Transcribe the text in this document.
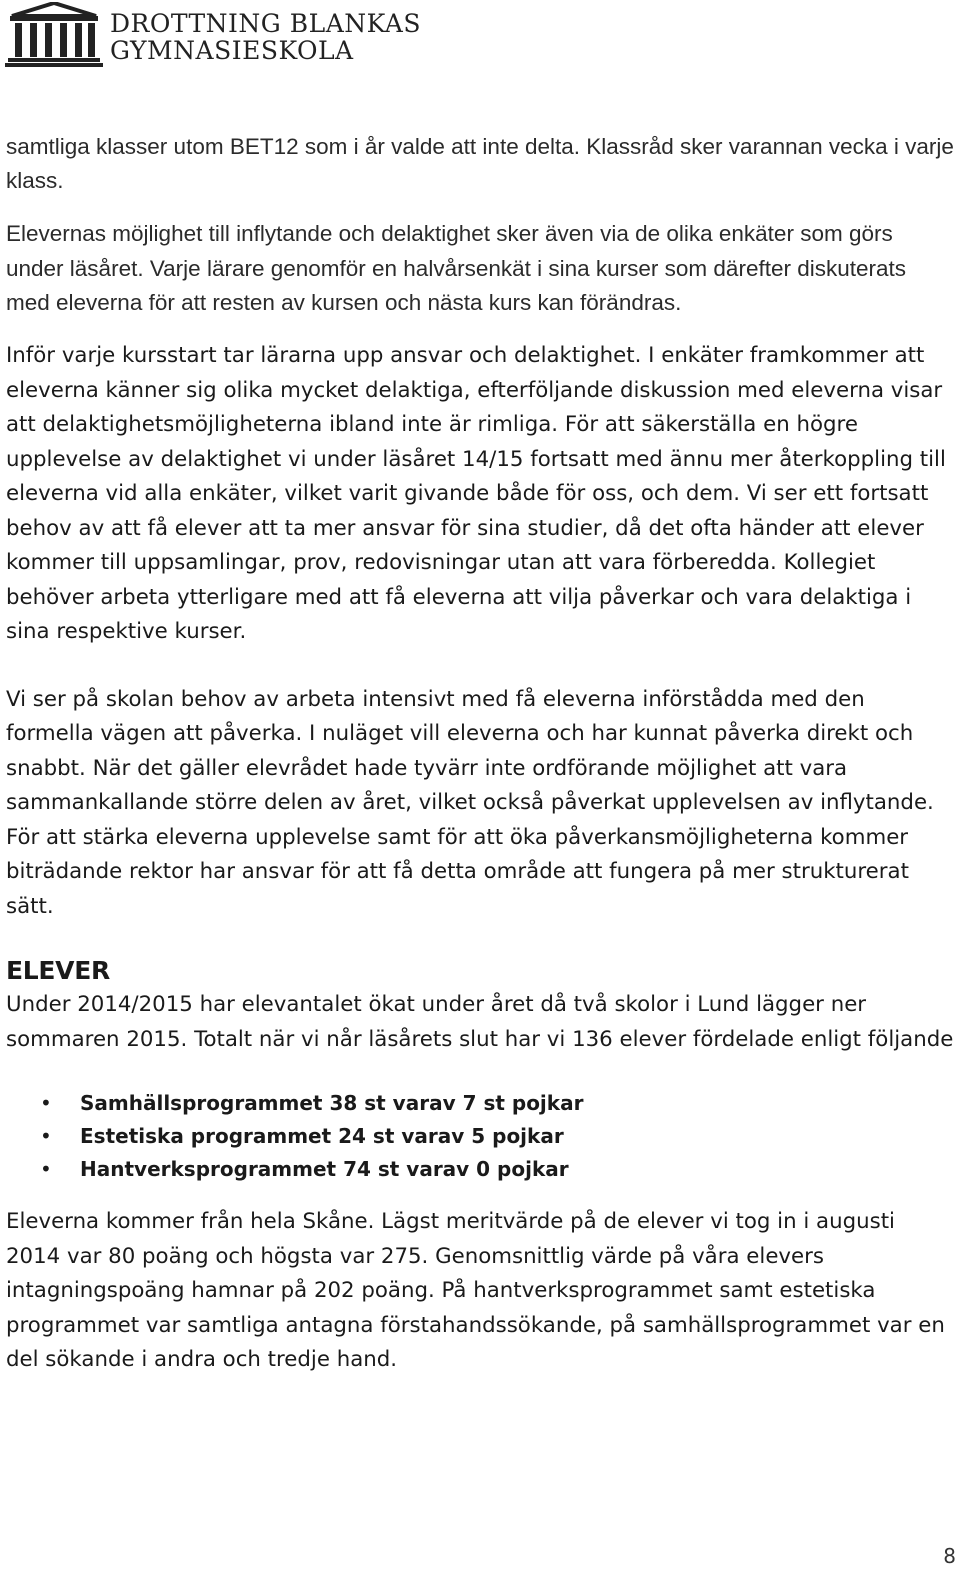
DROTTNING BLANKAS
GYMNASIESKOLA

samtliga klasser utom BET12 som i år valde att inte delta. Klassråd sker varannan vecka i varje klass.

Elevernas möjlighet till inflytande och delaktighet sker även via de olika enkäter som görs under läsåret. Varje lärare genomför en halvårsenkät i sina kurser som därefter diskuterats med eleverna för att resten av kursen och nästa kurs kan förändras.

Inför varje kursstart tar lärarna upp ansvar och delaktighet. I enkäter framkommer att eleverna känner sig olika mycket delaktiga, efterföljande diskussion med eleverna visar att delaktighetsmöjligheterna ibland inte är rimliga. För att säkerställa en högre upplevelse av delaktighet vi under läsåret 14/15 fortsatt med ännu mer återkoppling till eleverna vid alla enkäter, vilket varit givande både för oss, och dem. Vi ser ett fortsatt behov av att få elever att ta mer ansvar för sina studier, då det ofta händer att elever kommer till uppsamlingar, prov, redovisningar utan att vara förberedda. Kollegiet behöver arbeta ytterligare med att få eleverna att vilja påverkar och vara delaktiga i sina respektive kurser.

Vi ser på skolan behov av arbeta intensivt med få eleverna införstådda med den formella vägen att påverka. I nuläget vill eleverna och har kunnat påverka direkt och snabbt. När det gäller elevrådet hade tyvärr inte ordförande möjlighet att vara sammankallande större delen av året, vilket också påverkat upplevelsen av inflytande. För att stärka eleverna upplevelse samt för att öka påverkansmöjligheterna kommer biträdande rektor har ansvar för att få detta område att fungera på mer strukturerat sätt.

ELEVER

Under 2014/2015 har elevantalet ökat under året då två skolor i Lund lägger ner sommaren 2015. Totalt när vi når läsårets slut har vi 136 elever fördelade enligt följande

• Samhällsprogrammet 38 st varav 7 st pojkar
• Estetiska programmet 24 st varav 5 pojkar
• Hantverksprogrammet 74 st varav 0 pojkar

Eleverna kommer från hela Skåne. Lägst meritvärde på de elever vi tog in i augusti 2014 var 80 poäng och högsta var 275. Genomsnittlig värde på våra elevers intagningspoäng hamnar på 202 poäng. På hantverksprogrammet samt estetiska programmet var samtliga antagna förstahandssökande, på samhällsprogrammet var en del sökande i andra och tredje hand.

8
